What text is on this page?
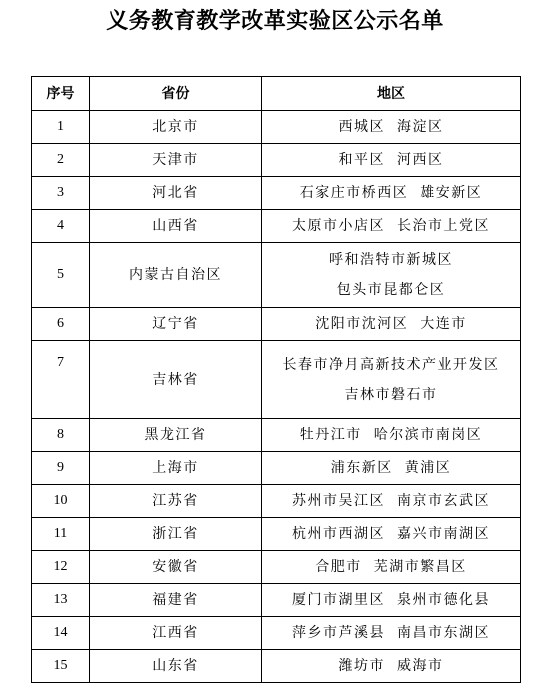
义务教育教学改革实验区公示名单
序号	省份	地区
1	北京市	西城区  海淀区

2	天津市	和平区  河西区

3	河北省	石家庄市桥西区  雄安新区

4	山西省	太原市小店区  长治市上党区

5	内蒙古自治区	呼和浩特市新城区
包头市昆都仑区

6	辽宁省	沈阳市沈河区  大连市

7	吉林省	长春市净月高新技术产业开发区
吉林市磐石市

8	黑龙江省	牡丹江市  哈尔滨市南岗区

9	上海市	浦东新区  黄浦区

10	江苏省	苏州市吴江区  南京市玄武区

11	浙江省	杭州市西湖区  嘉兴市南湖区

12	安徽省	合肥市  芜湖市繁昌区

13	福建省	厦门市湖里区  泉州市德化县

14	江西省	萍乡市芦溪县  南昌市东湖区

15	山东省	潍坊市  威海市
